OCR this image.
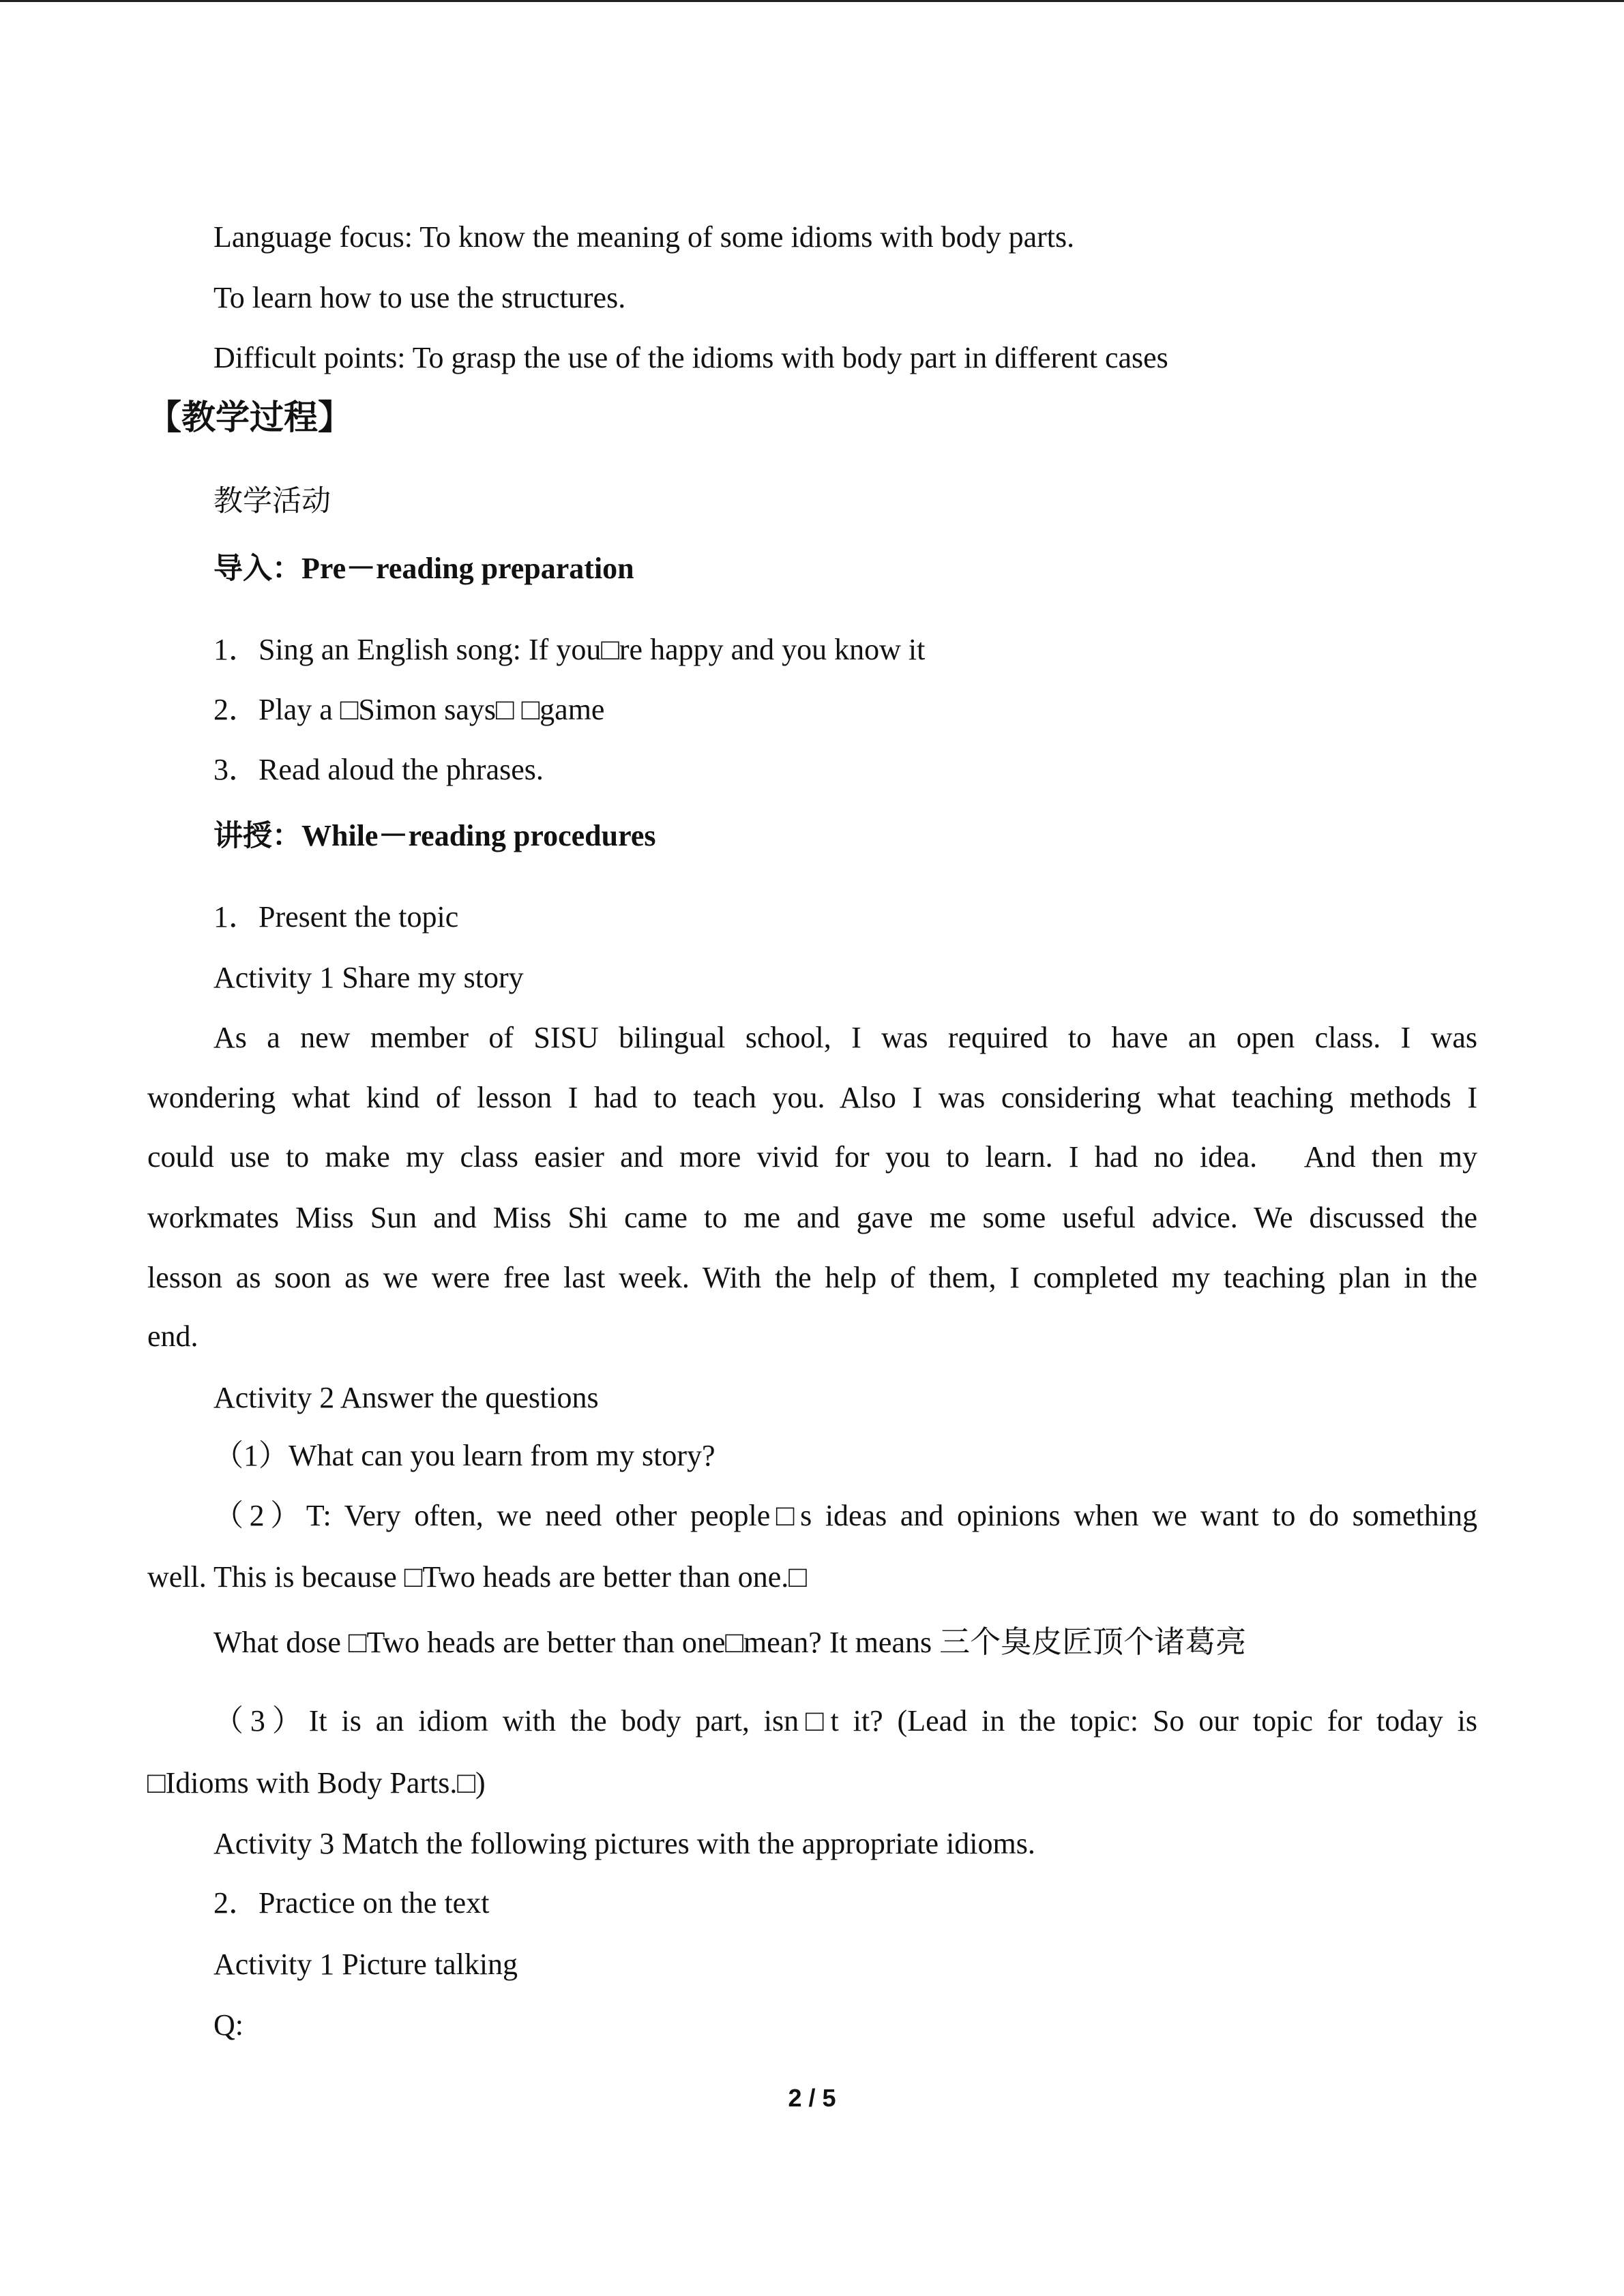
Language focus: To know the meaning of some idioms with body parts.
To learn how to use the structures.
Difficult points: To grasp the use of the idioms with body part in different cases
【教学过程】
教学活动
导入：Pre－reading preparation
1．Sing an English song: If you□re happy and you know it
2．Play a □Simon says□ □game
3．Read aloud the phrases.
讲授：While－reading procedures
1．Present the topic
Activity 1 Share my story
As a new member of SISU bilingual school, I was required to have an open class. I was
wondering what kind of lesson I had to teach you. Also I was considering what teaching methods I
could use to make my class easier and more vivid for you to learn. I had no idea.　And then my
workmates Miss Sun and Miss Shi came to me and gave me some useful advice. We discussed the
lesson as soon as we were free last week. With the help of them, I completed my teaching plan in the
end.
Activity 2 Answer the questions
（1）What can you learn from my story?
（2）T: Very often, we need other people□s ideas and opinions when we want to do something
well. This is because □Two heads are better than one.□
What dose □Two heads are better than one□mean? It means 三个臭皮匠顶个诸葛亮
（3）It is an idiom with the body part, isn□t it? (Lead in the topic: So our topic for today is
□Idioms with Body Parts.□)
Activity 3 Match the following pictures with the appropriate idioms.
2．Practice on the text
Activity 1 Picture talking
Q:
2 / 5
